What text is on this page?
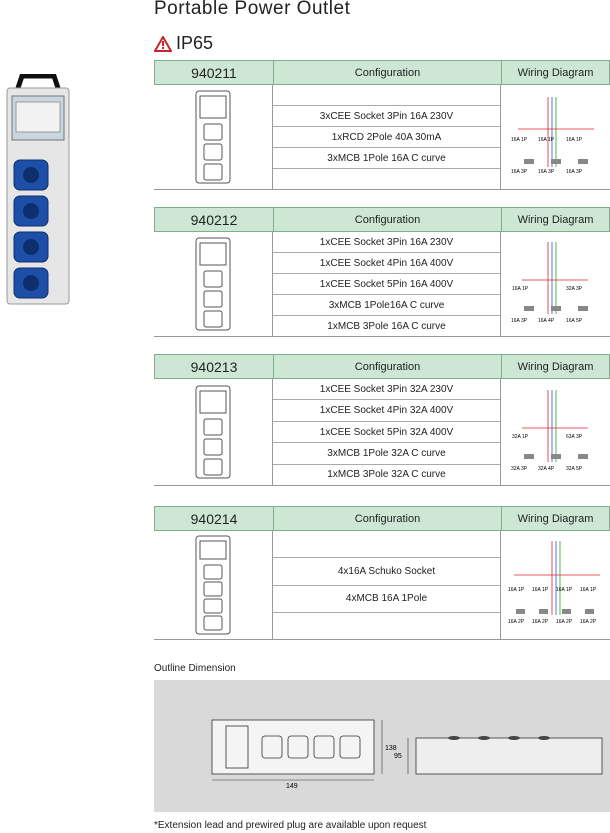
Portable Power Outlet
IP65
940211	Configuration	Wiring Diagram
3xCEE Socket 3Pin 16A 230V
1xRCD 2Pole 40A 30mA
3xMCB 1Pole 16A C curve
16A 1P 16A 1P 16A 1P
16A 3P 16A 3P 16A 3P
940212	Configuration	Wiring Diagram
1xCEE Socket 3Pin 16A 230V
1xCEE Socket 4Pin 16A 400V
1xCEE Socket 5Pin 16A 400V
3xMCB 1Pole16A C curve
1xMCB 3Pole 16A C curve
16A 1P	32A 3P
16A 3P 16A 4P 16A 5P
940213	Configuration	Wiring Diagram
1xCEE Socket 3Pin 32A 230V
1xCEE Socket 4Pin 32A 400V
1xCEE Socket 5Pin 32A 400V
3xMCB 1Pole 32A C curve
1xMCB 3Pole 32A C curve
32A 1P	63A 3P
32A 3P 32A 4P 32A 5P
940214	Configuration	Wiring Diagram
4x16A Schuko Socket
4xMCB 16A 1Pole
16A 1P 16A 1P 16A 1P 16A 1P
16A 2P 16A 2P 16A 2P 16A 2P
Outline Dimension
149
138
95
*Extension lead and prewired plug are available upon request
